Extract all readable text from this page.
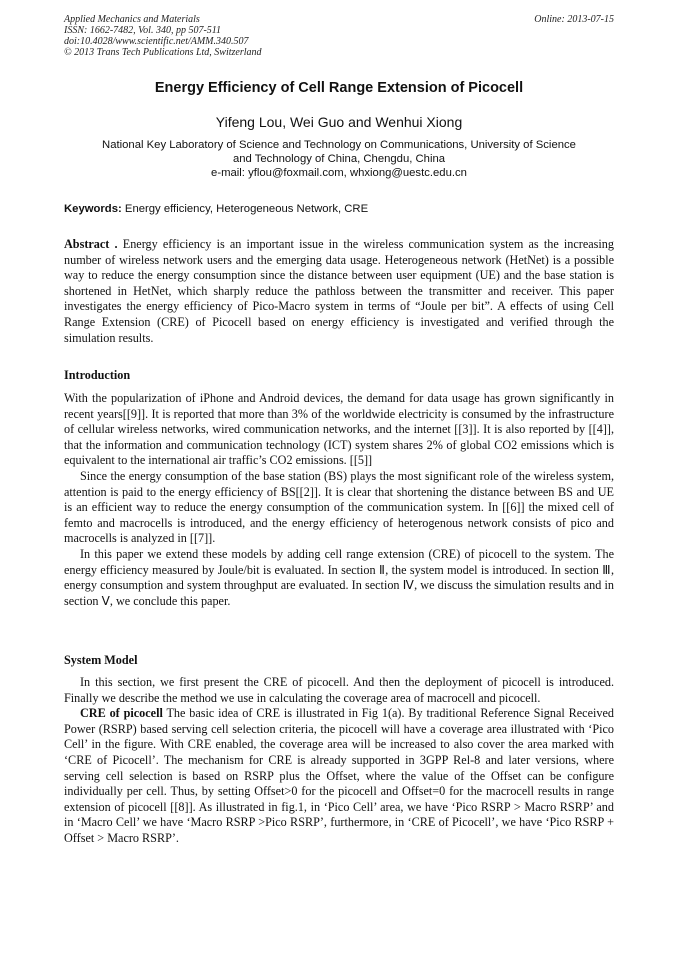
Applied Mechanics and Materials
ISSN: 1662-7482, Vol. 340, pp 507-511
doi:10.4028/www.scientific.net/AMM.340.507
© 2013 Trans Tech Publications Ltd, Switzerland
Online: 2013-07-15
Energy Efficiency of Cell Range Extension of Picocell
Yifeng Lou, Wei Guo and Wenhui Xiong
National Key Laboratory of Science and Technology on Communications, University of Science
and Technology of China, Chengdu, China
e-mail: yflou@foxmail.com, whxiong@uestc.edu.cn
Keywords: Energy efficiency, Heterogeneous Network, CRE

Abstract . Energy efficiency is an important issue in the wireless communication system as the increasing number of wireless network users and the emerging data usage. Heterogeneous network (HetNet) is a possible way to reduce the energy consumption since the distance between user equipment (UE) and the base station is shortened in HetNet, which sharply reduce the pathloss between the transmitter and receiver. This paper investigates the energy efficiency of Pico-Macro system in terms of “Joule per bit”. A effects of using Cell Range Extension (CRE) of Picocell based on energy efficiency is investigated and verified through the simulation results.

Introduction

With the popularization of iPhone and Android devices, the demand for data usage has grown significantly in recent years[[9]]. It is reported that more than 3% of the worldwide electricity is consumed by the infrastructure of cellular wireless networks, wired communication networks, and the internet [[3]]. It is also reported by [[4]], that the information and communication technology (ICT) system shares 2% of global CO2 emissions which is equivalent to the international air traffic’s CO2 emissions. [[5]]

Since the energy consumption of the base station (BS) plays the most significant role of the wireless system, attention is paid to the energy efficiency of BS[[2]]. It is clear that shortening the distance between BS and UE is an efficient way to reduce the energy consumption of the communication system. In [[6]] the mixed cell of femto and macrocells is introduced, and the energy efficiency of heterogenous network consists of pico and macrocells is analyzed in [[7]].

In this paper we extend these models by adding cell range extension (CRE) of picocell to the system. The energy efficiency measured by Joule/bit is evaluated. In section Ⅱ, the system model is introduced. In section Ⅲ, energy consumption and system throughput are evaluated. In section Ⅳ, we discuss the simulation results and in section Ⅴ, we conclude this paper.

System Model

In this section, we first present the CRE of picocell. And then the deployment of picocell is introduced. Finally we describe the method we use in calculating the coverage area of macrocell and picocell.

CRE of picocell The basic idea of CRE is illustrated in Fig 1(a). By traditional Reference Signal Received Power (RSRP) based serving cell selection criteria, the picocell will have a coverage area illustrated with ‘Pico Cell’ in the figure. With CRE enabled, the coverage area will be increased to also cover the area marked with ‘CRE of Picocell’. The mechanism for CRE is already supported in 3GPP Rel-8 and later versions, where serving cell selection is based on RSRP plus the Offset, where the value of the Offset can be configure individually per cell. Thus, by setting Offset>0 for the picocell and Offset=0 for the macrocell results in range extension of picocell [[8]]. As illustrated in fig.1, in ‘Pico Cell’ area, we have ‘Pico RSRP > Macro RSRP’ and in ‘Macro Cell’ we have ‘Macro RSRP >Pico RSRP’, furthermore, in ‘CRE of Picocell’, we have ‘Pico RSRP + Offset > Macro RSRP’.
